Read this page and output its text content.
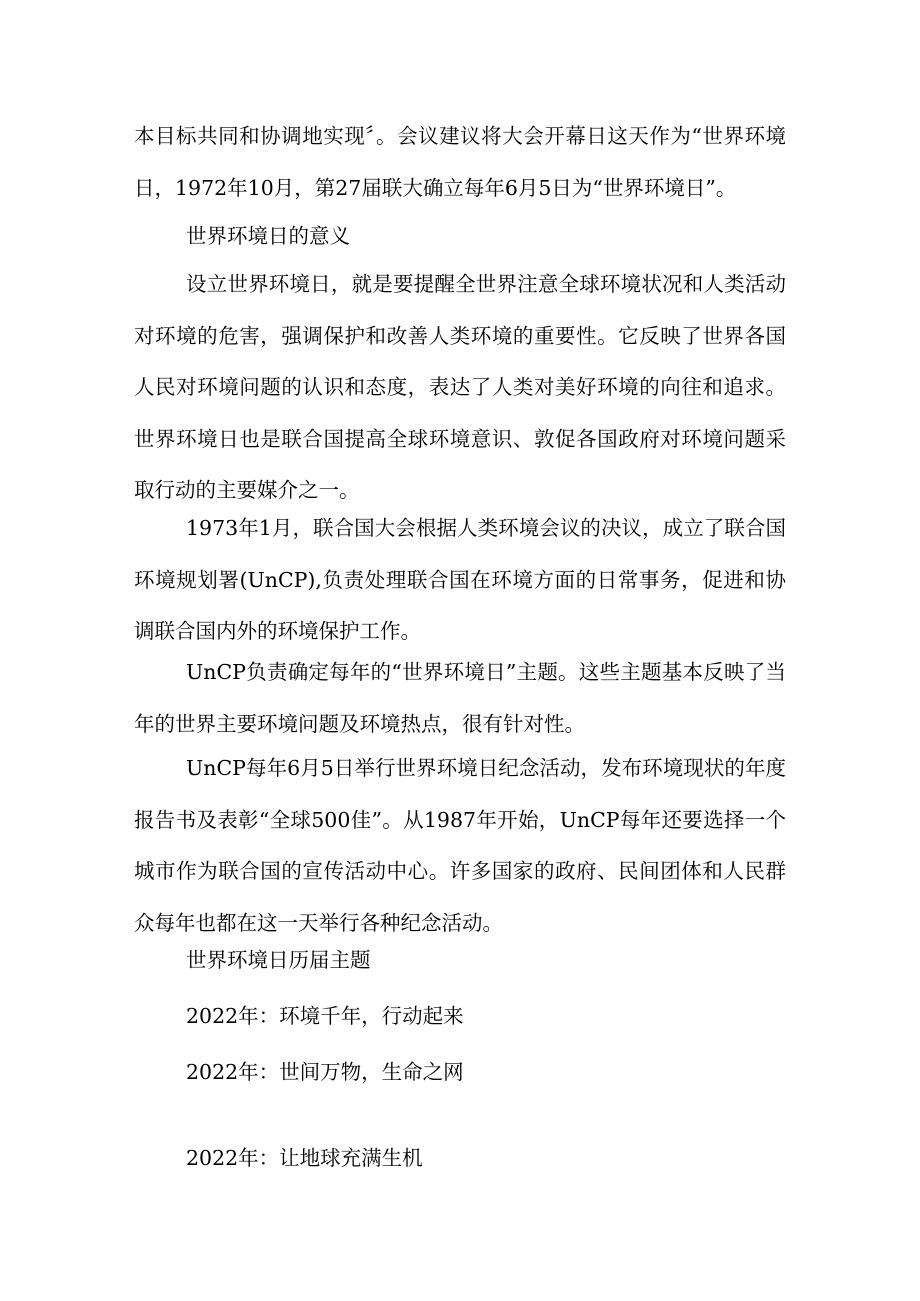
本目标共同和协调地实现〞。会议建议将大会开幕日这天作为“世界环境日，1972年10月，第27届联大确立每年6月5日为“世界环境日”。

世界环境日的意义

设立世界环境日，就是要提醒全世界注意全球环境状况和人类活动对环境的危害，强调保护和改善人类环境的重要性。它反映了世界各国人民对环境问题的认识和态度，表达了人类对美好环境的向往和追求。世界环境日也是联合国提高全球环境意识、敦促各国政府对环境问题采取行动的主要媒介之一。

1973年1月，联合国大会根据人类环境会议的决议，成立了联合国环境规划署(UnCP),负责处理联合国在环境方面的日常事务，促进和协调联合国内外的环境保护工作。

UnCP负责确定每年的“世界环境日”主题。这些主题基本反映了当年的世界主要环境问题及环境热点，很有针对性。

UnCP每年6月5日举行世界环境日纪念活动，发布环境现状的年度报告书及表彰“全球500佳”。从1987年开始，UnCP每年还要选择一个城市作为联合国的宣传活动中心。许多国家的政府、民间团体和人民群众每年也都在这一天举行各种纪念活动。

世界环境日历届主题

2022年：环境千年，行动起来

2022年：世间万物，生命之网

2022年：让地球充满生机
